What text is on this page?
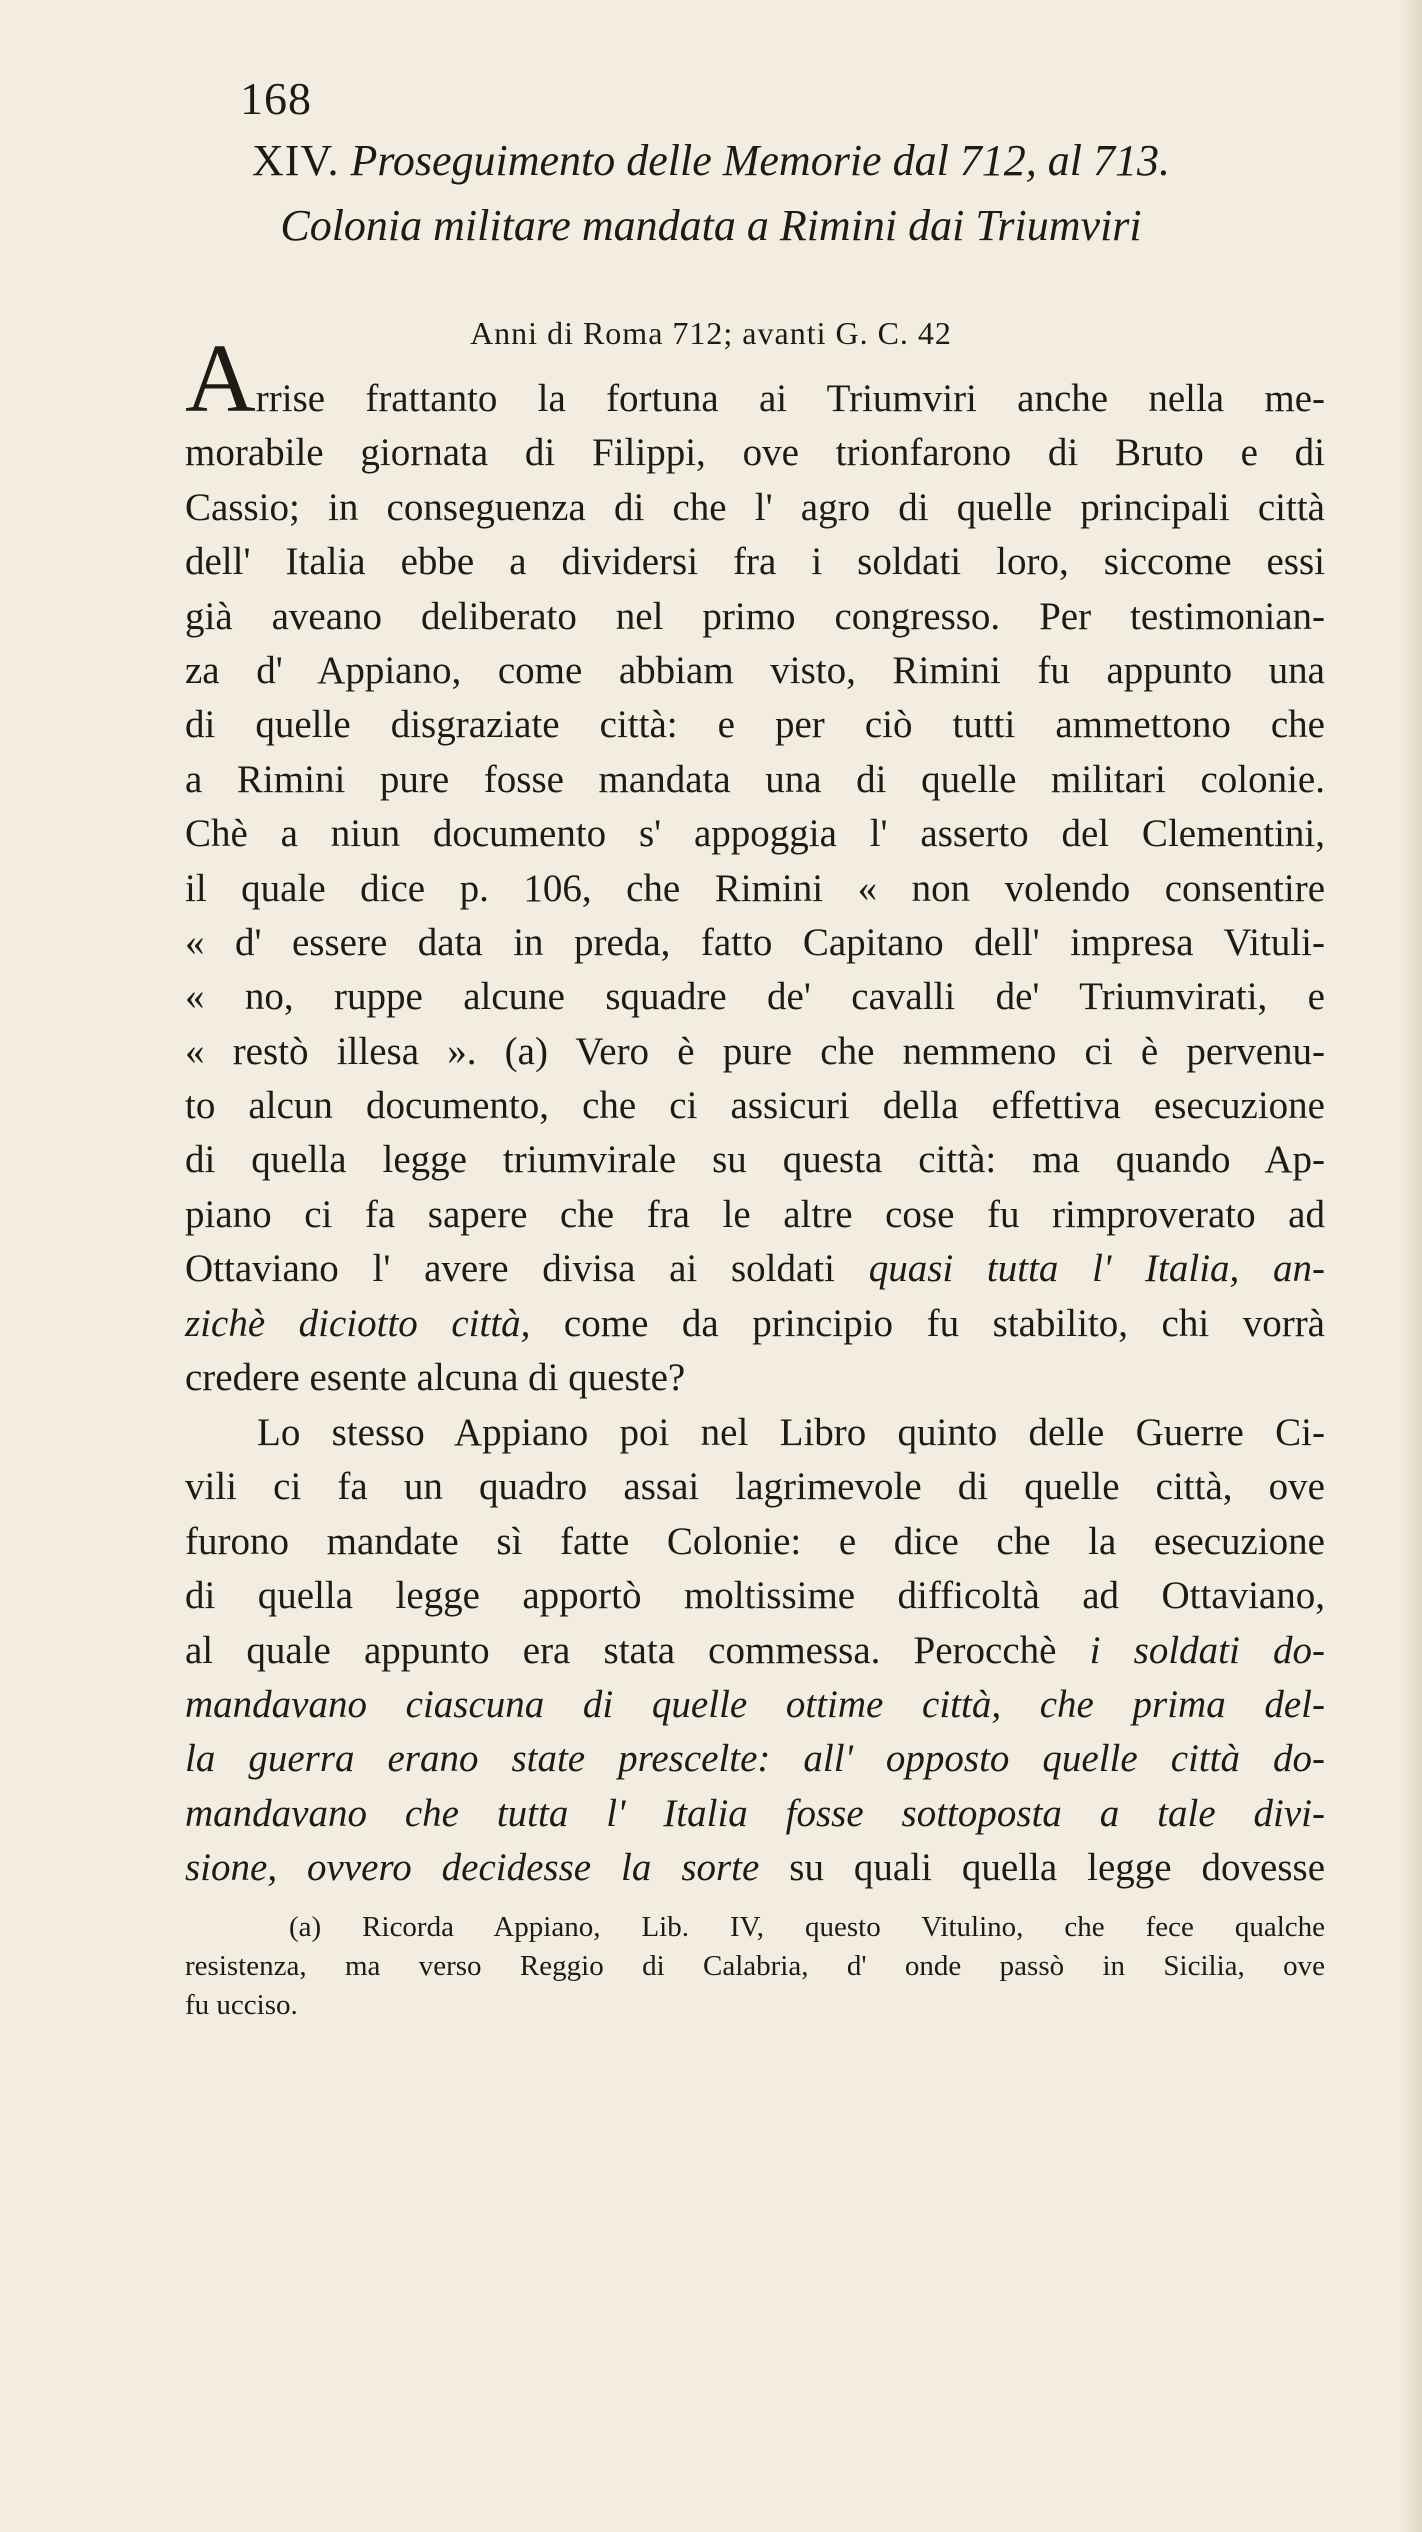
168
XIV. Proseguimento delle Memorie dal 712, al 713.
Colonia militare mandata a Rimini dai Triumviri
Anni di Roma 712; avanti G. C. 42
Arrise frattanto la fortuna ai Triumviri anche nella me-
morabile giornata di Filippi, ove trionfarono di Bruto e di
Cassio; in conseguenza di che l' agro di quelle principali città
dell' Italia ebbe a dividersi fra i soldati loro, siccome essi
già aveano deliberato nel primo congresso. Per testimonian-
za d' Appiano, come abbiam visto, Rimini fu appunto una
di quelle disgraziate città: e per ciò tutti ammettono che
a Rimini pure fosse mandata una di quelle militari colonie.
Chè a niun documento s' appoggia l' asserto del Clementini,
il quale dice p. 106, che Rimini « non volendo consentire
« d' essere data in preda, fatto Capitano dell' impresa Vituli-
« no, ruppe alcune squadre de' cavalli de' Triumvirati, e
« restò illesa ». (a) Vero è pure che nemmeno ci è pervenu-
to alcun documento, che ci assicuri della effettiva esecuzione
di quella legge triumvirale su questa città: ma quando Ap-
piano ci fa sapere che fra le altre cose fu rimproverato ad
Ottaviano l' avere divisa ai soldati quasi tutta l' Italia, an-
zichè diciotto città, come da principio fu stabilito, chi vorrà
credere esente alcuna di queste?
Lo stesso Appiano poi nel Libro quinto delle Guerre Ci-
vili ci fa un quadro assai lagrimevole di quelle città, ove
furono mandate sì fatte Colonie: e dice che la esecuzione
di quella legge apportò moltissime difficoltà ad Ottaviano,
al quale appunto era stata commessa. Perocchè i soldati do-
mandavano ciascuna di quelle ottime città, che prima del-
la guerra erano state prescelte: all' opposto quelle città do-
mandavano che tutta l' Italia fosse sottoposta a tale divi-
sione, ovvero decidesse la sorte su quali quella legge dovesse
(a) Ricorda Appiano, Lib. IV, questo Vitulino, che fece qualche
resistenza, ma verso Reggio di Calabria, d' onde passò in Sicilia, ove
fu ucciso.
